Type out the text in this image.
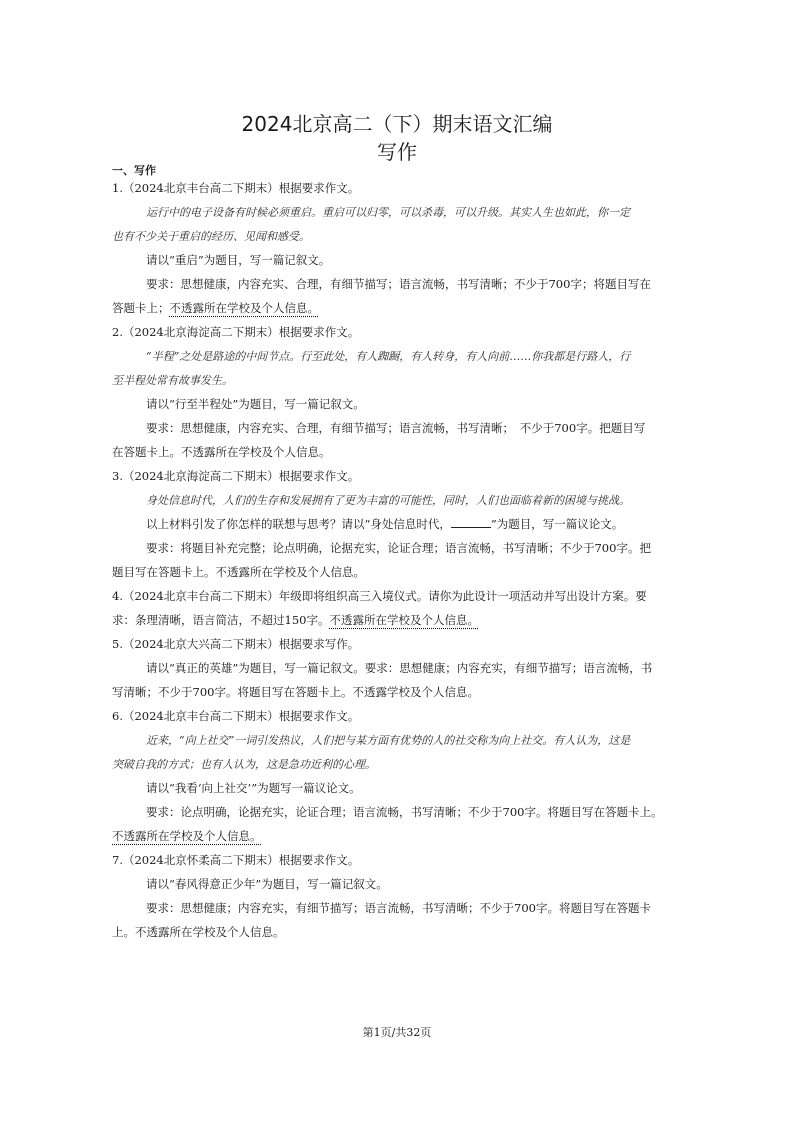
2024北京高二（下）期末语文汇编
写作
一、写作
1.（2024北京丰台高二下期末）根据要求作文。
运行中的电子设备有时候必须重启。重启可以归零，可以杀毒，可以升级。其实人生也如此，你一定
也有不少关于重启的经历、见闻和感受。
请以“重启”为题目，写一篇记叙文。
要求：思想健康，内容充实、合理，有细节描写；语言流畅，书写清晰；不少于700字；将题目写在
答题卡上；不透露所在学校及个人信息。
2.（2024北京海淀高二下期末）根据要求作文。
“半程”之处是路途的中间节点。行至此处，有人踟蹰，有人转身，有人向前……你我都是行路人，行
至半程处常有故事发生。
请以“行至半程处”为题目，写一篇记叙文。
要求：思想健康，内容充实、合理，有细节描写；语言流畅，书写清晰；　不少于700字。把题目写
在答题卡上。不透露所在学校及个人信息。
3.（2024北京海淀高二下期末）根据要求作文。
身处信息时代，人们的生存和发展拥有了更为丰富的可能性，同时，人们也面临着新的困境与挑战。
以上材料引发了你怎样的联想与思考？请以“身处信息时代，	”为题目，写一篇议论文。
要求：将题目补充完整；论点明确，论据充实，论证合理；语言流畅，书写清晰；不少于700字。把
题目写在答题卡上。不透露所在学校及个人信息。
4.（2024北京丰台高二下期末）年级即将组织高三入境仪式。请你为此设计一项活动并写出设计方案。要
求：条理清晰，语言简洁，不超过150字。不透露所在学校及个人信息。
5.（2024北京大兴高二下期末）根据要求写作。
请以“真正的英雄”为题目，写一篇记叙文。要求：思想健康；内容充实，有细节描写；语言流畅，书
写清晰；不少于700字。将题目写在答题卡上。不透露学校及个人信息。
6.（2024北京丰台高二下期末）根据要求作文。
近来，“向上社交”一词引发热议，人们把与某方面有优势的人的社交称为向上社交。有人认为，这是
突破自我的方式；也有人认为，这是急功近利的心理。
请以“我看‘向上社交’”为题写一篇议论文。
要求：论点明确，论据充实，论证合理；语言流畅，书写清晰；不少于700字。将题目写在答题卡上。
不透露所在学校及个人信息。
7.（2024北京怀柔高二下期末）根据要求作文。
请以“春风得意正少年”为题目，写一篇记叙文。
要求：思想健康；内容充实，有细节描写；语言流畅，书写清晰；不少于700字。将题目写在答题卡
上。不透露所在学校及个人信息。
第1页/共32页
